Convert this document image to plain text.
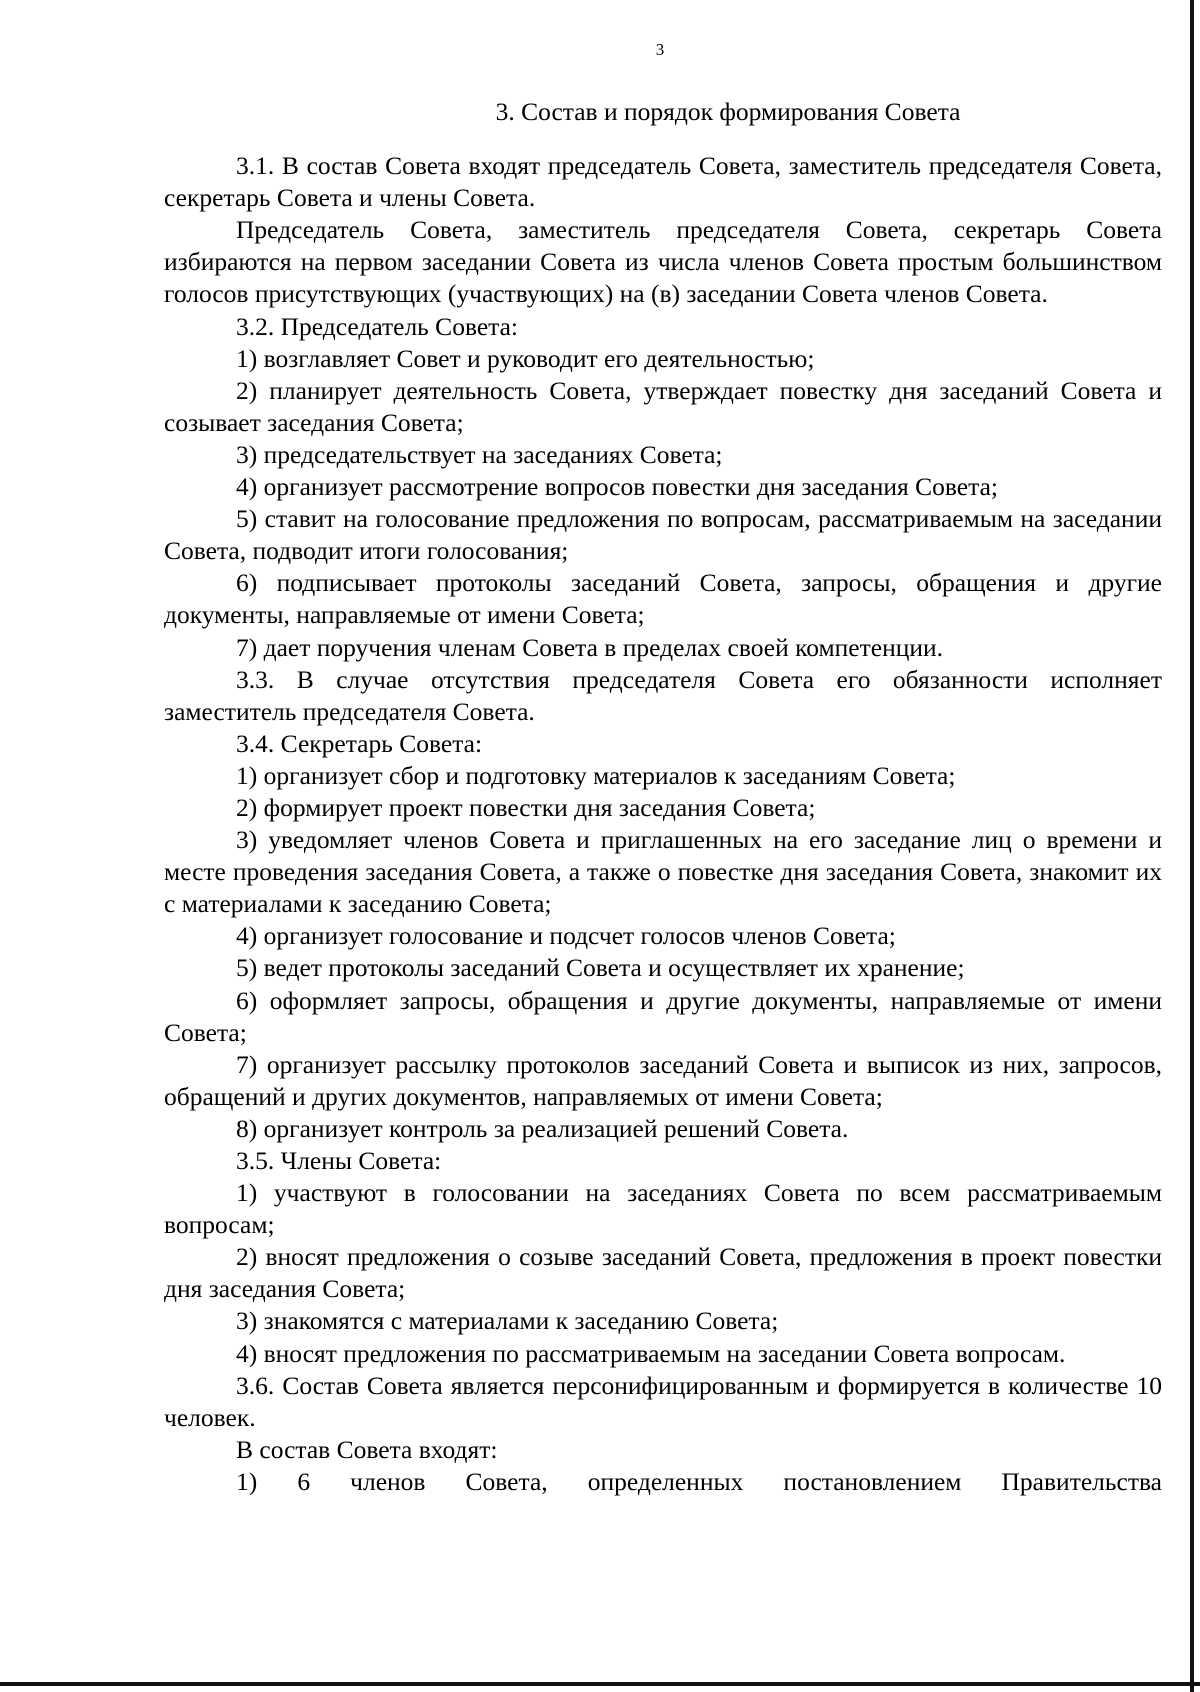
3
3. Состав и порядок формирования Совета

3.1. В состав Совета входят председатель Совета, заместитель председателя Совета, секретарь Совета и члены Совета.

Председатель Совета, заместитель председателя Совета, секретарь Совета избираются на первом заседании Совета из числа членов Совета простым большинством голосов присутствующих (участвующих) на (в) заседании Совета членов Совета.

3.2. Председатель Совета:

1) возглавляет Совет и руководит его деятельностью;

2) планирует деятельность Совета, утверждает повестку дня заседаний Совета и созывает заседания Совета;

3) председательствует на заседаниях Совета;

4) организует рассмотрение вопросов повестки дня заседания Совета;

5) ставит на голосование предложения по вопросам, рассматриваемым на заседании Совета, подводит итоги голосования;

6) подписывает протоколы заседаний Совета, запросы, обращения и другие документы, направляемые от имени Совета;

7) дает поручения членам Совета в пределах своей компетенции.

3.3. В случае отсутствия председателя Совета его обязанности исполняет заместитель председателя Совета.

3.4. Секретарь Совета:

1) организует сбор и подготовку материалов к заседаниям Совета;

2) формирует проект повестки дня заседания Совета;

3) уведомляет членов Совета и приглашенных на его заседание лиц о времени и месте проведения заседания Совета, а также о повестке дня заседания Совета, знакомит их с материалами к заседанию Совета;

4) организует голосование и подсчет голосов членов Совета;

5) ведет протоколы заседаний Совета и осуществляет их хранение;

6) оформляет запросы, обращения и другие документы, направляемые от имени Совета;

7) организует рассылку протоколов заседаний Совета и выписок из них, запросов, обращений и других документов, направляемых от имени Совета;

8) организует контроль за реализацией решений Совета.

3.5. Члены Совета:

1) участвуют в голосовании на заседаниях Совета по всем рассматриваемым вопросам;

2) вносят предложения о созыве заседаний Совета, предложения в проект повестки дня заседания Совета;

3) знакомятся с материалами к заседанию Совета;

4) вносят предложения по рассматриваемым на заседании Совета вопросам.

3.6. Состав Совета является персонифицированным и формируется в количестве 10 человек.

В состав Совета входят:

1) 6 членов Совета, определенных постановлением Правительства
